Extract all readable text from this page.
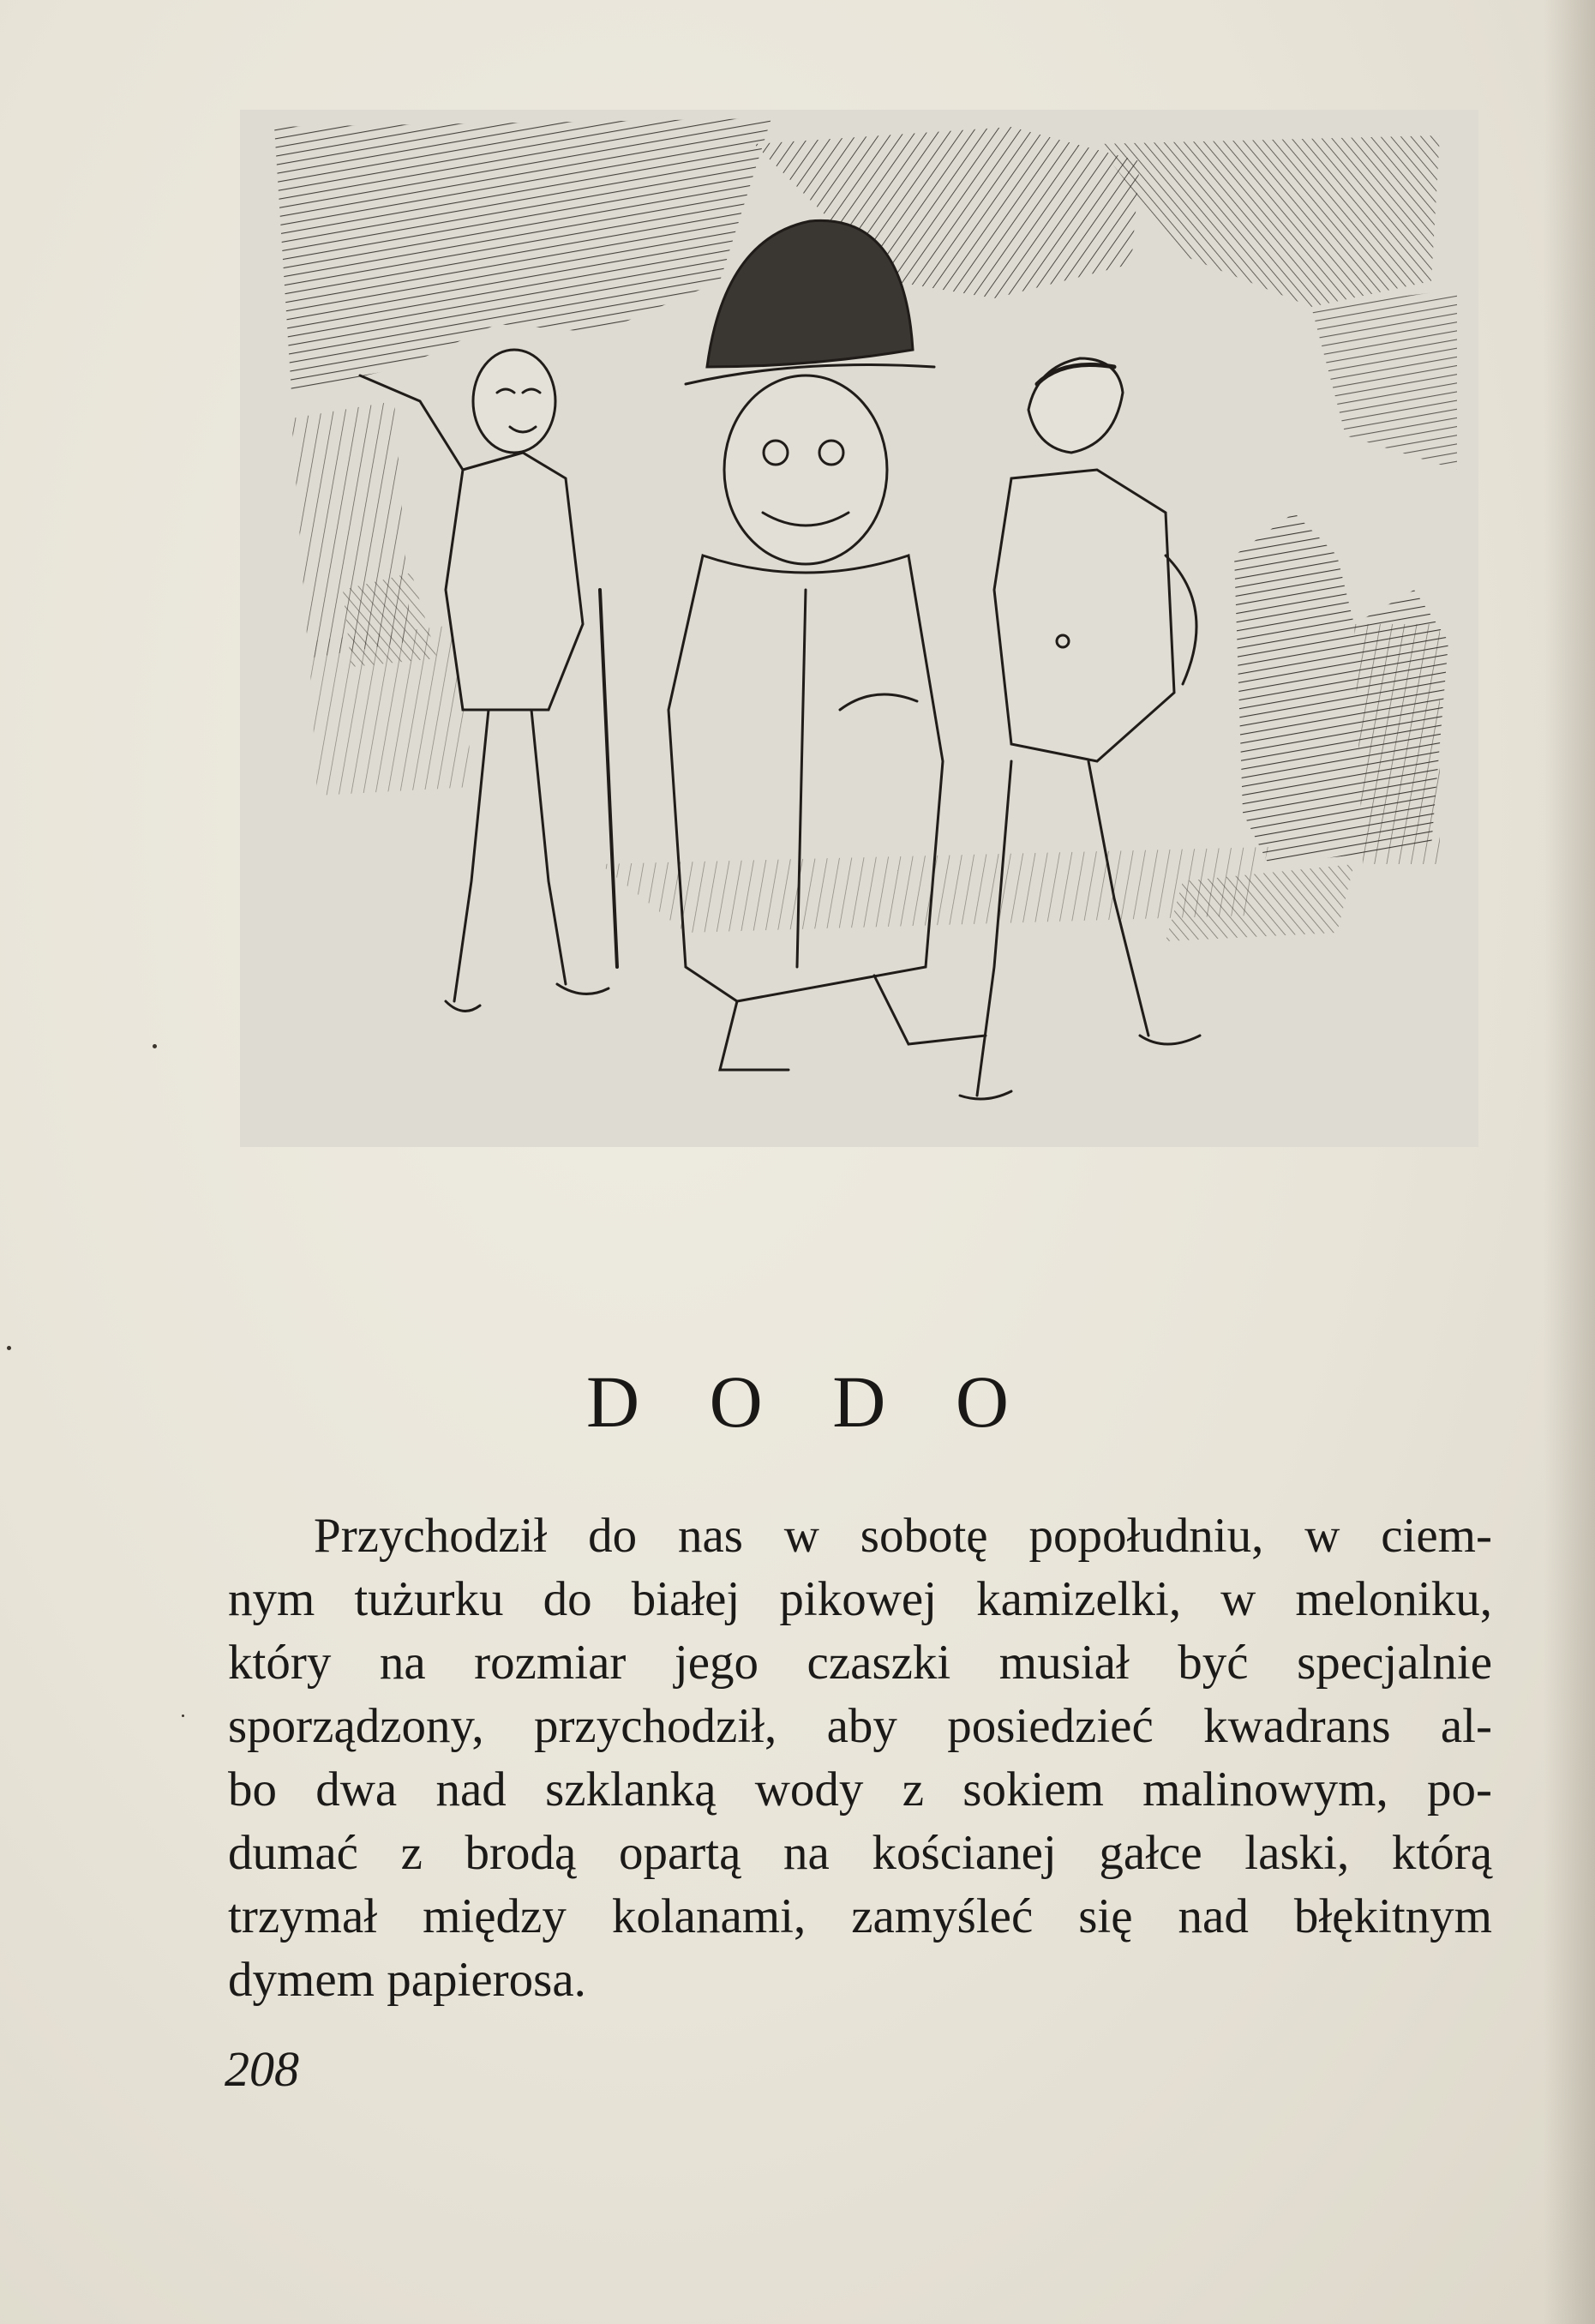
D O D O
Przychodził do nas w sobotę popołudniu, w ciem-
nym tużurku do białej pikowej kamizelki, w meloniku,
który na rozmiar jego czaszki musiał być specjalnie
sporządzony, przychodził, aby posiedzieć kwadrans al-
bo dwa nad szklanką wody z sokiem malinowym, po-
dumać z brodą opartą na kościanej gałce laski, którą
trzymał między kolanami, zamyśleć się nad błękitnym
dymem papierosa.
208
